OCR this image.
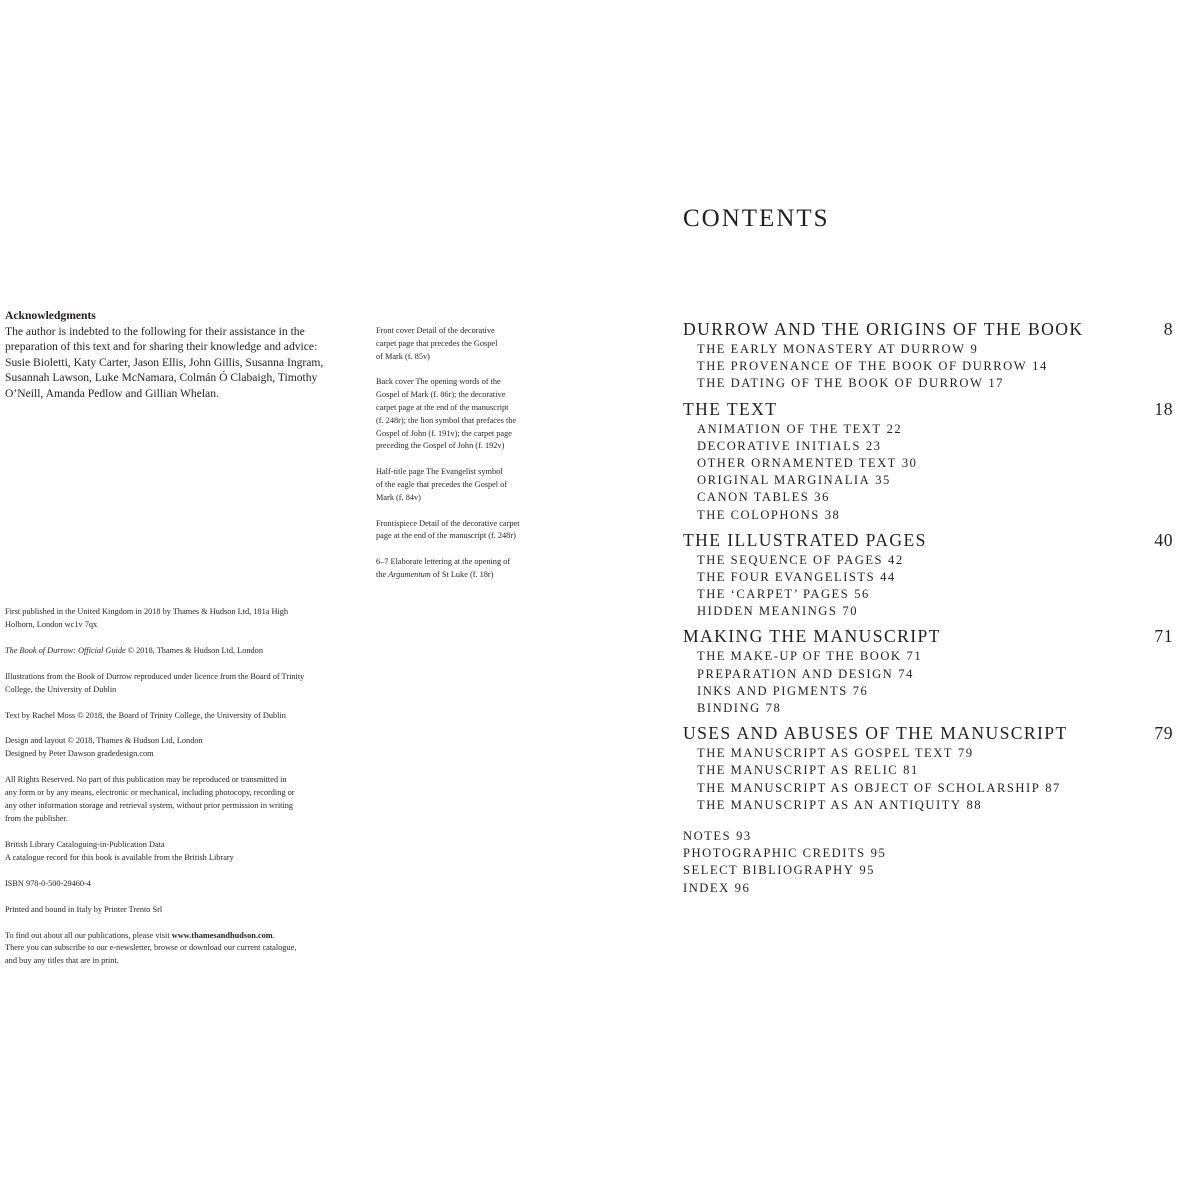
Acknowledgments
The author is indebted to the following for their assistance in the
preparation of this text and for sharing their knowledge and advice:
Susie Bioletti, Katy Carter, Jason Ellis, John Gillis, Susanna Ingram,
Susannah Lawson, Luke McNamara, Colmán Ó Clabaigh, Timothy
O’Neill, Amanda Pedlow and Gillian Whelan.
Front cover Detail of the decorative
carpet page that precedes the Gospel
of Mark (f. 85v)
Back cover The opening words of the
Gospel of Mark (f. 86r); the decorative
carpet page at the end of the manuscript
(f. 248r); the lion symbol that prefaces the
Gospel of John (f. 191v); the carpet page
preceding the Gospel of John (f. 192v)
Half-title page The Evangelist symbol
of the eagle that precedes the Gospel of
Mark (f. 84v)
Frontispiece Detail of the decorative carpet
page at the end of the manuscript (f. 248r)
6–7 Elaborate lettering at the opening of
the Argumentum of St Luke (f. 18r)
First published in the United Kingdom in 2018 by Thames & Hudson Ltd, 181a High
Holborn, London wc1v 7qx
The Book of Durrow: Official Guide © 2018, Thames & Hudson Ltd, London
Illustrations from the Book of Durrow reproduced under licence from the Board of Trinity
College, the University of Dublin
Text by Rachel Moss © 2018, the Board of Trinity College, the University of Dublin
Design and layout © 2018, Thames & Hudson Ltd, London
Designed by Peter Dawson gradedesign.com
All Rights Reserved. No part of this publication may be reproduced or transmitted in
any form or by any means, electronic or mechanical, including photocopy, recording or
any other information storage and retrieval system, without prior permission in writing
from the publisher.
British Library Cataloguing-in-Publication Data
A catalogue record for this book is available from the British Library
ISBN 978-0-500-29460-4
Printed and bound in Italy by Printer Trento Srl
To find out about all our publications, please visit www.thamesandhudson.com.
There you can subscribe to our e-newsletter, browse or download our current catalogue,
and buy any titles that are in print.
CONTENTS
DURROW AND THE ORIGINS OF THE BOOK	8
THE EARLY MONASTERY AT DURROW 9
THE PROVENANCE OF THE BOOK OF DURROW 14
THE DATING OF THE BOOK OF DURROW 17
THE TEXT	18
ANIMATION OF THE TEXT 22
DECORATIVE INITIALS 23
OTHER ORNAMENTED TEXT 30
ORIGINAL MARGINALIA 35
CANON TABLES 36
THE COLOPHONS 38
THE ILLUSTRATED PAGES	40
THE SEQUENCE OF PAGES 42
THE FOUR EVANGELISTS 44
THE ‘CARPET’ PAGES 56
HIDDEN MEANINGS 70
MAKING THE MANUSCRIPT	71
THE MAKE-UP OF THE BOOK 71
PREPARATION AND DESIGN 74
INKS AND PIGMENTS 76
BINDING 78
USES AND ABUSES OF THE MANUSCRIPT	79
THE MANUSCRIPT AS GOSPEL TEXT 79
THE MANUSCRIPT AS RELIC 81
THE MANUSCRIPT AS OBJECT OF SCHOLARSHIP 87
THE MANUSCRIPT AS AN ANTIQUITY 88
NOTES 93
PHOTOGRAPHIC CREDITS 95
SELECT BIBLIOGRAPHY 95
INDEX 96
